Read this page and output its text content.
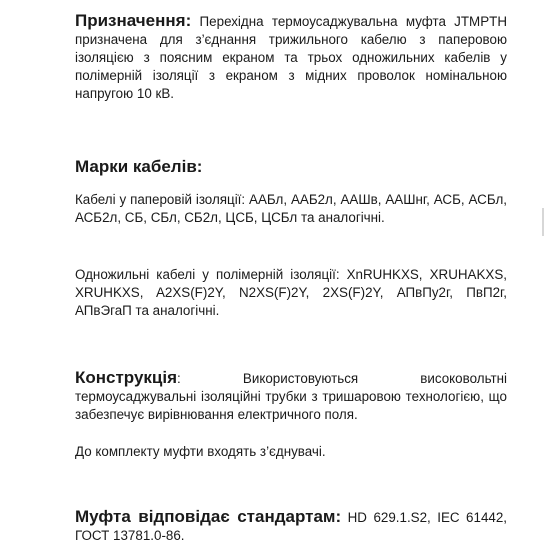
Призначення: Перехідна термоусаджувальна муфта JTMPTH призначена для з’єднання трижильного кабелю з паперовою ізоляцією з поясним екраном та трьох одножильних кабелів у полімерній ізоляції з екраном з мідних проволок номінальною напругою 10 кВ.
Марки кабелів:
Кабелі у паперовій ізоляції: ААБл, ААБ2л, ААШв, ААШнг, АСБ, АСБл, АСБ2л, СБ, СБл, СБ2л, ЦСБ, ЦСБл та аналогічні.
Одножильні кабелі у полімерній ізоляції: XnRUHKXS, XRUHAKXS, XRUHKXS, A2XS(F)2Y, N2XS(F)2Y, 2XS(F)2Y, АПвПу2г, ПвП2г, АПвЭгаП та аналогічні.
Конструкція: Використовуються високовольтні термоусаджувальні ізоляційні трубки з тришаровою технологією, що забезпечує вирівнювання електричного поля.
До комплекту муфти входять з’єднувачі.
Муфта відповідає стандартам: HD 629.1.S2, IEC 61442, ГОСТ 13781.0-86.
